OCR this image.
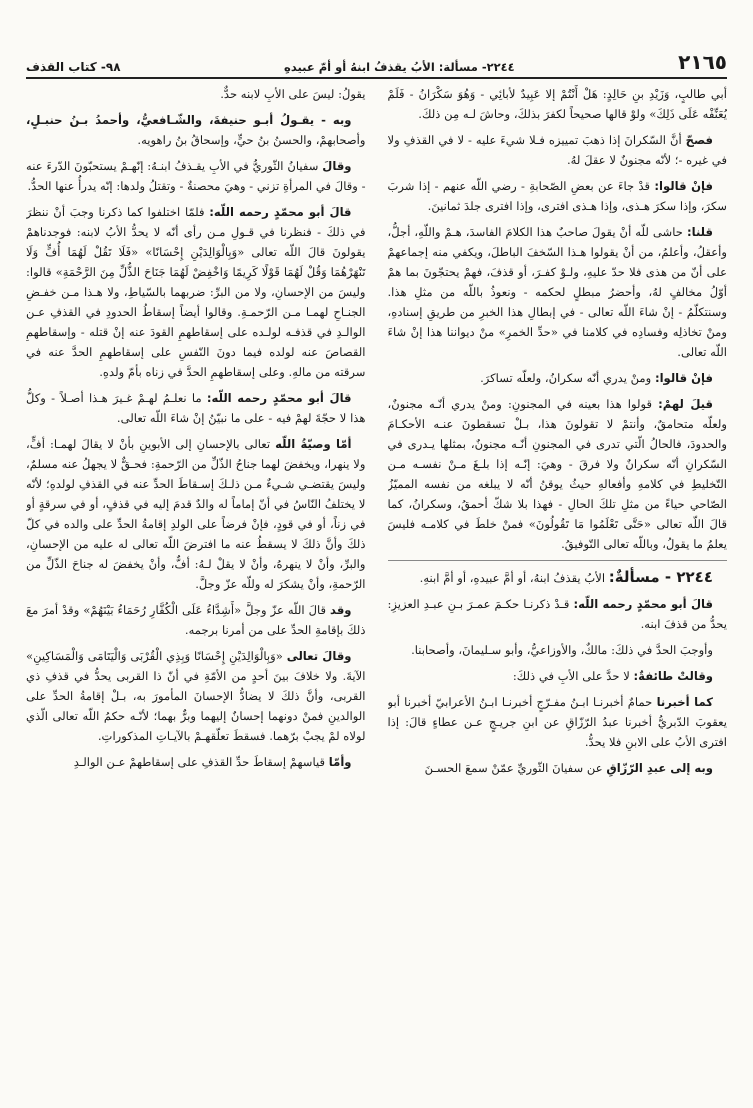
٢١٦٥
٢٢٤٤- مسألة: الأبُ يقذفُ ابنهُ أو أمّ عبيدهِ
٩٨- كتاب القذف

أبي طالبٍ، وَزَيْدِ بنِ حَالِدٍ: هَلْ أَنْتُمْ إلا عَبِيدٌ لأبائِي - وَهُوَ سَكْرَانُ - فَلَمْ يُعَنِّفْه عَلَى ذَلِكَ» ولوْ قالها صحيحاً لكفرَ بذلكَ، وحاشَ لـه مِن ذلكَ.

فصحّ أنَّ السّكرانَ إذا ذهبَ تمييزه فـلا شيءَ عليه - لا في القذفِ ولا في غيره -؛ لأنّه مجنونٌ لا عقلَ لهُ.

فإنْ قالوا: قدْ جاءَ عن بعضِ الصّحابةِ - رضي اللّه عنهم - إذا شربَ سكرَ، وإذا سكرَ هـذى، وإذا هـذى افترى، وإذا افترى جلدَ ثمانينَ.

قلنا: حاشى للّه أنْ يقولَ صاحبٌ هذا الكلامَ الفاسدَ، هـمْ واللّهِ، أجلُّ، وأعقلُ، وأعلمُ، من أنْ يقولوا هـذا السّخفَ الباطلَ، ويكفي منه إجماعهمْ على أنّ من هذى فلا حدّ عليهِ، ولـوْ كفـرَ، أو قذفَ، فهمْ يحتجّونَ بما همْ أوّلُ مخالفٍ لهُ، وأحضرُ مبطلٍ لحكمه - ونعوذُ باللّه من مثلِ هذا. وسنتكلّمُ - إنْ شاءَ اللّه تعالى - في إبطالِ هذا الخبرِ من طريقِ إسنادهِ، ومنْ تخاذلِه وفسادِه في كلامنا في «حدِّ الخمرِ» منْ ديواننا هذا إنْ شاءَ اللّه تعالى.

فإنْ قالوا: ومنْ يدري أنّه سكرانُ، ولعلّه تساكرَ.

قيلَ لهمْ: قولوا هذا بعينه في المجنونِ: ومنْ يدري أنّـه مجنونٌ، ولعلّه متحامقٌ، وأنتمْ لا تقولونَ هذا، بـلْ تسقطونَ عنـه الأحكـامَ والحدودَ، فالحالُ الّتي تدرى في المجنونِ أنّـه مجنونٌ، بمثلها يـدرى في السّكرانِ أنّه سكرانٌ ولا فرقَ - وهيَ: إنّـه إذا بلـغَ مـنْ نفسـه مـن التّخليطِ في كلامهِ وأفعالهِ حيثُ يوقنُ أنّه لا يبلغه من نفسه المميّزُ الصّاحي حياءً من مثلِ تلكَ الحالِ - فهذا بلا شكّ أحمقُ، وسكرانُ، كما قالَ اللّه تعالى «حَتَّى تَعْلَمُوا مَا تَقُولُونَ» فمنْ خلطَ في كلامـه فليسَ يعلمُ ما يقولُ، وباللّه تعالى التّوفيقُ.

٢٢٤٤ - مسألةٌ: الأبُ يقذفُ ابنهُ، أو أمَّ عبيدهِ، أو أمَّ ابنهِ.

قالَ أبو محمّدٍ رحمه اللّه: قـدْ ذكرنـا حكـمَ عمـرَ بـنِ عبـدِ العزيزِ: يحدُّ من قذفَ ابنه.

وأوجبَ الحدَّ في ذلكَ: مالكٌ، والأوزاعيُّ، وأبو سـليمانَ، وأصحابنا.

وقالتْ طائفةٌ: لا حدَّ على الأبِ في ذلكَ:

كما أخبرنا حمامٌ أخبرنـا ابـنُ مفـرّجٍ أخبرنـا ابـنُ الأعرابيّ أخبرنا أبو يعقوبَ الدّبريُّ أخبرنا عبدُ الرّزّاقِ عن ابنِ جريـجٍ عـن عطاءٍ قالَ: إذا افترى الأبُ على الابنِ فلا يحدُّ.

وبه إلى عبدِ الرّزّاقِ عن سفيانَ الثّوريِّ عمّنْ سمعَ الحسـنَ

يقولُ: ليسَ على الأبِ لابنه حدٌّ.

وبه - يقـولُ أبـو حنيفةَ، والشّـافعيُّ، وأحمدُ بـنُ حنبـلٍ، وأصحابهمْ، والحسنُ بنُ حيٍّ، وإسحاقُ بنُ راهويه.

وقالَ سفيانُ الثّوريُّ في الأبِ يقـذفُ ابنـهُ: إنّهـمْ يستحبّونَ الدّرءَ عنه - وقالَ في المرأةِ تزني - وهيَ محصنةٌ - وتقتلُ ولدها: إنّه يدرأُ عنها الحدُّ.

قالَ أبو محمّدٍ رحمه اللّه: فلمّا اختلفوا كما ذكرنا وجبَ أنْ ننظرَ في ذلكَ - فنظرنا في قـولِ مـن رأى أنّه لا يحدُّ الأبُ لابنه: فوجدناهمْ يقولونَ قالَ اللّه تعالى «وَبِالْوَالِدَيْنِ إِحْسَانًا» «فَلَا تَقُلْ لَهُمَا أُفٍّ وَلَا تَنْهَرْهُمَا وَقُلْ لَهُمَا قَوْلًا كَرِيمًا وَاخْفِضْ لَهُمَا جَنَاحَ الذُّلِّ مِنَ الرَّحْمَةِ» قالوا: وليسَ من الإحسانِ، ولا من البرِّ: ضربهما بالسّياطِ، ولا هـذا مـن خفـضِ الجنـاحِ لهمـا مـن الرّحمـةِ. وقالوا أيضاً إسقاطُ الحدودِ في القذفِ عـن الوالـدِ في قذفـه لولـده على إسقاطهمِ القودَ عنه إنْ قتله - وإسقاطهمِ القصاصَ عنه لولده فيما دونَ النّفسِ على إسقاطهمِ الحدَّ عنه في سرقته من مالهِ. وعلى إسقاطهمِ الحدَّ في زناه بأمّ ولدهِ.

قالَ أبو محمّدٍ رحمه اللّه: ما نعلـمُ لهـمْ غـيرَ هـذا أصـلاً - وكلُّ هذا لا حجّةَ لهمْ فيه - على ما نبيّنُ إنْ شاءَ اللّه تعالى.

أمّا وصيّةُ اللّه تعالى بالإحسانِ إلى الأبوينِ بأنْ لا يقالَ لهمـا: أفٍّ، ولا ينهرا، ويخفضَ لهما جناحُ الذّلِّ من الرّحمةِ: فحـقٌّ لا يجهلُ عنه مسلمٌ، وليسَ يقتضـي شـيءٌ مـن ذلـكَ إسـقاطَ الحدِّ عنه في القذفِ لولدهِ؛ لأنّه لا يختلفُ النّاسُ في أنّ إماماً له والدٌ قدمَ إليه في قذفٍ، أو في سرقةٍ أو في زناً، أو في قودٍ، فإنْ فرضاً على الولدِ إقامةُ الحدِّ على والده في كلّ ذلكَ وأنَّ ذلكَ لا يسقطُ عنه ما افترضَ اللّه تعالى له عليه من الإحسانِ، والبرِّ، وأنْ لا ينهرهُ، وأنْ لا يقلْ لـهُ: أفٌّ، وأنْ يخفضَ له جناحَ الذّلِّ من الرّحمةِ، وأنْ يشكرَ له وللّه عزّ وجلَّ.

وقد قالَ اللّه عزّ وجلَّ «أَشِدَّاءُ عَلَى الْكُفَّارِ رُحَمَاءُ بَيْنَهُمْ» وقدْ أمرَ معَ ذلكَ بإقامةِ الحدِّ على من أمرنا برجمه.

وقالَ تعالى «وَبِالْوَالِدَيْنِ إِحْسَانًا وَبِذِي الْقُرْبَى وَالْيَتَامَى وَالْمَسَاكِينِ» الآيةَ. ولا خلافَ بينَ أحدٍ من الأمّةِ في أنّ ذا القربى يحدُّ في قذفِ ذي القربى، وأنَّ ذلكَ لا يضادُّ الإحسانَ المأمورَ به، بـلْ إقامةُ الحدِّ على الوالدينِ فمنْ دونهما إحسانٌ إليهما وبرٌّ بهما؛ لأنّـه حكمُ اللّه تعالى الّذي لولاه لمْ يجبْ برّهما. فسقطَ تعلّقهـمْ بالآيـاتِ المذكوراتِ.

وأمّا قياسهمْ إسقاطَ حدِّ القذفِ على إسقاطهمْ عـن الوالـدِ
